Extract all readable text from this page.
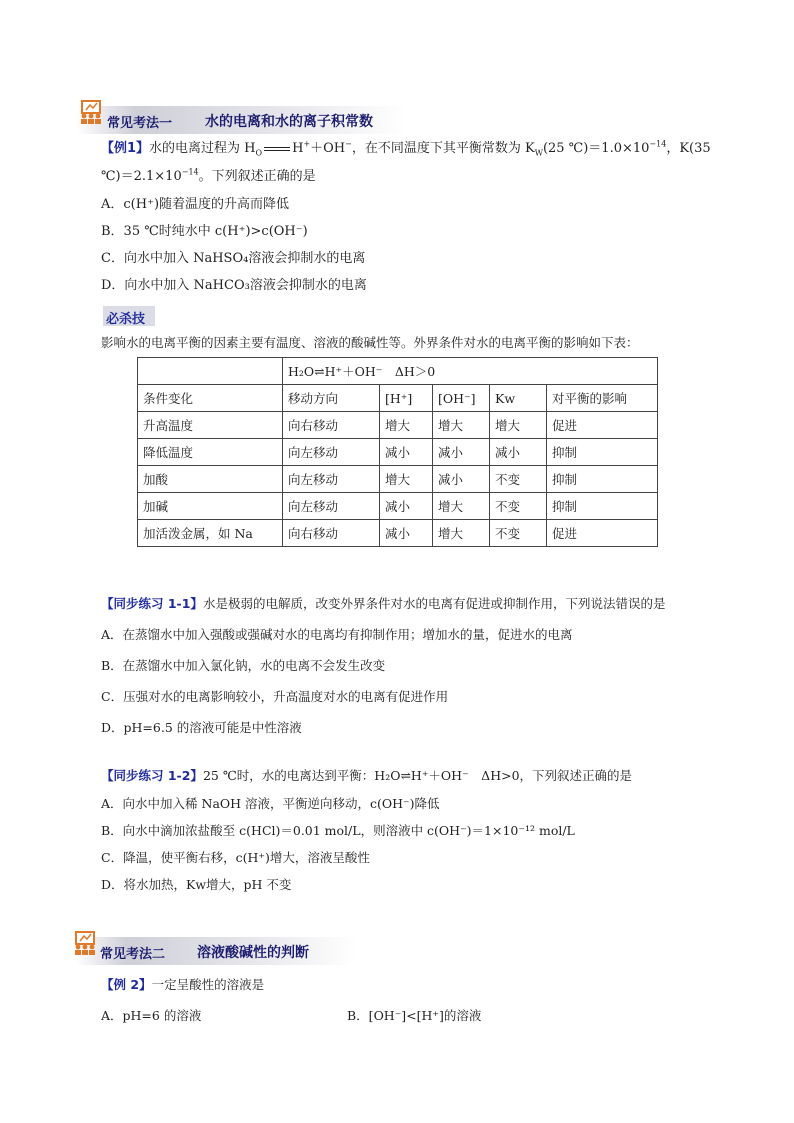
常见考法一 水的电离和水的离子积常数
【例1】水的电离过程为 $H_O$ H+＋OH−，在不同温度下其平衡常数为 $K_W(25$ $℃)=1.0\times 10^{-14}$，K(35
$℃)=2.1\times 10^{-14}$。下列叙述正确的是
A．c(H⁺)随着温度的升高而降低
B．35 ℃时纯水中 c(H⁺)>c(OH⁻)
C．向水中加入 NaHSO₄溶液会抑制水的电离
D．向水中加入 NaHCO₃溶液会抑制水的电离
必杀技
影响水的电离平衡的因素主要有温度、溶液的酸碱性等。外界条件对水的电离平衡的影响如下表：
	H₂O⇌H⁺＋OH⁻　ΔH＞0				
条件变化	移动方向	[H⁺]	[OH⁻]	Kw	对平衡的影响
升高温度	向右移动	增大	增大	增大	促进
降低温度	向左移动	减小	减小	减小	抑制
加酸	向左移动	增大	减小	不变	抑制
加碱	向左移动	减小	增大	不变	抑制
加活泼金属，如 Na	向右移动	减小	增大	不变	促进
【同步练习 1-1】水是极弱的电解质，改变外界条件对水的电离有促进或抑制作用，下列说法错误的是
A．在蒸馏水中加入强酸或强碱对水的电离均有抑制作用；增加水的量，促进水的电离
B．在蒸馏水中加入氯化钠，水的电离不会发生改变
C．压强对水的电离影响较小，升高温度对水的电离有促进作用
D．pH=6.5 的溶液可能是中性溶液
【同步练习 1-2】25 ℃时，水的电离达到平衡：H₂O⇌H⁺＋OH⁻　ΔH>0，下列叙述正确的是
A．向水中加入稀 NaOH 溶液，平衡逆向移动，c(OH⁻)降低
B．向水中滴加浓盐酸至 c(HCl)＝0.01 mol/L，则溶液中 c(OH⁻)＝1×10⁻¹² mol/L
C．降温，使平衡右移，c(H⁺)增大，溶液呈酸性
D．将水加热，Kw增大，pH 不变
常见考法二 溶液酸碱性的判断
【例 2】一定呈酸性的溶液是
A．pH=6 的溶液	B．[OH⁻]<[H⁺]的溶液
